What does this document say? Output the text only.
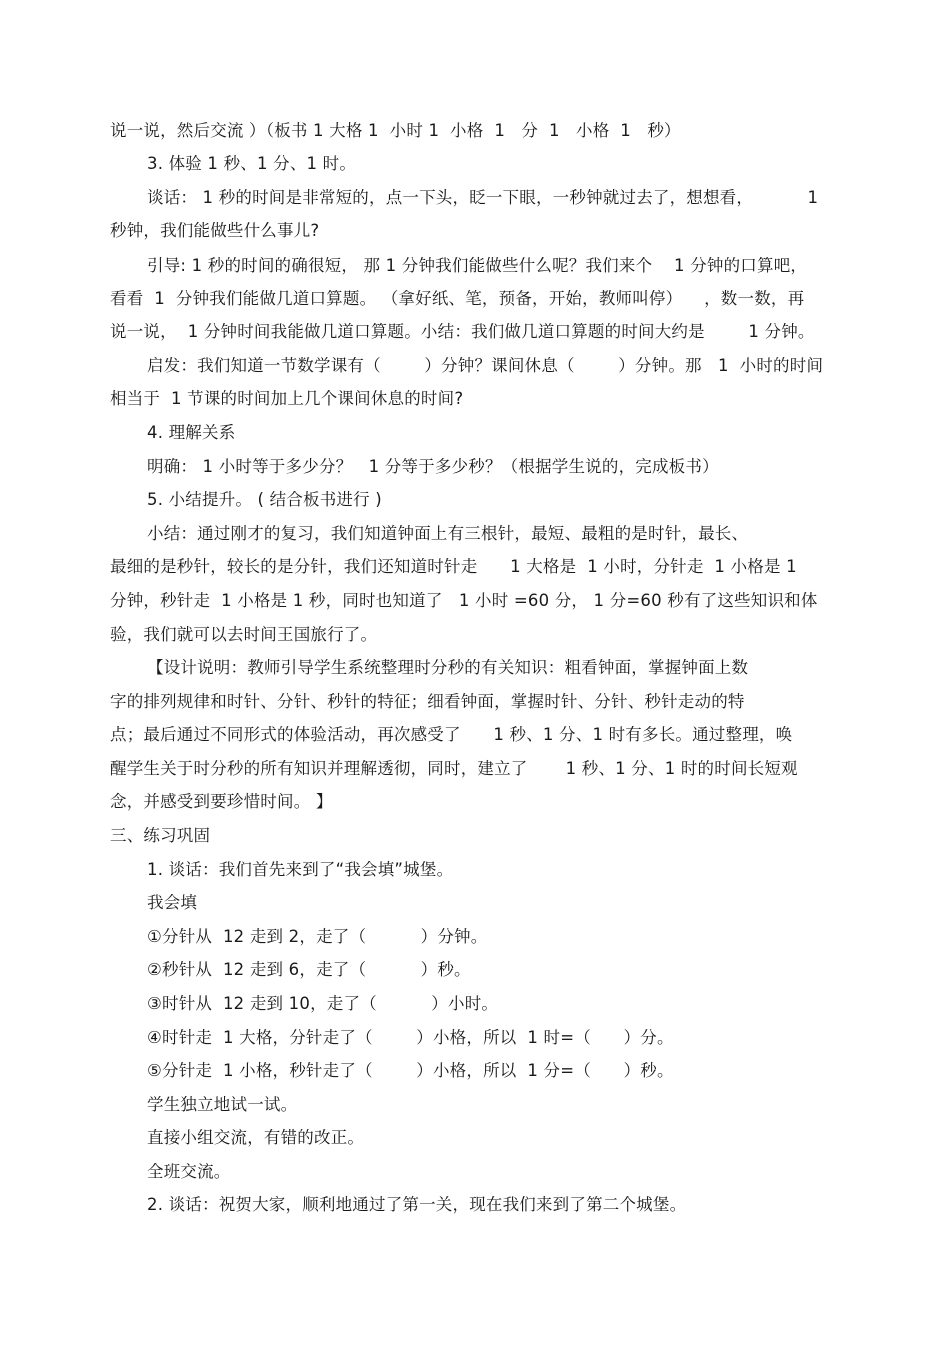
说一说，然后交流 ）（板书 1 大格 1  小时 1  小格  1   分  1   小格  1   秒）

3. 体验 1 秒、1 分、1 时。

谈话： 1 秒的时间是非常短的，点一下头，眨一下眼，一秒钟就过去了，想想看，          1

秒钟，我们能做些什么事儿?

引导: 1 秒的时间的确很短， 那 1 分钟我们能做些什么呢？我们来个    1 分钟的口算吧，

看看  1  分钟我们能做几道口算题。 （拿好纸、笔，预备，开始，教师叫停）    ，数一数，再

说一说，  1 分钟时间我能做几道口算题。小结：我们做几道口算题的时间大约是        1 分钟。

启发：我们知道一节数学课有（        ）分钟？课间休息（        ）分钟。那   1  小时的时间

相当于  1 节课的时间加上几个课间休息的时间?

4. 理解关系

明确： 1 小时等于多少分？   1 分等于多少秒？（根据学生说的，完成板书）

5. 小结提升。 ( 结合板书进行 )

小结：通过刚才的复习，我们知道钟面上有三根针，最短、最粗的是时针，最长、

最细的是秒针，较长的是分针，我们还知道时针走      1 大格是  1 小时，分针走  1 小格是 1

分钟，秒针走  1 小格是 1 秒，同时也知道了   1 小时 =60 分， 1 分=60 秒有了这些知识和体

验，我们就可以去时间王国旅行了。

【设计说明：教师引导学生系统整理时分秒的有关知识：粗看钟面，掌握钟面上数

字的排列规律和时针、分针、秒针的特征；细看钟面，掌握时针、分针、秒针走动的特

点；最后通过不同形式的体验活动，再次感受了      1 秒、1 分、1 时有多长。通过整理，唤

醒学生关于时分秒的所有知识并理解透彻，同时，建立了       1 秒、1 分、1 时的时间长短观

念，并感受到要珍惜时间。 】

三、练习巩固

1. 谈话：我们首先来到了“我会填”城堡。

我会填

①分针从  12 走到 2，走了（          ）分钟。

②秒针从  12 走到 6，走了（          ）秒。

③时针从  12 走到 10，走了（          ）小时。

④时针走  1 大格，分针走了（        ）小格，所以  1 时=（      ）分。

⑤分针走  1 小格，秒针走了（        ）小格，所以  1 分=（      ）秒。

学生独立地试一试。

直接小组交流，有错的改正。

全班交流。

2. 谈话：祝贺大家，顺利地通过了第一关，现在我们来到了第二个城堡。
